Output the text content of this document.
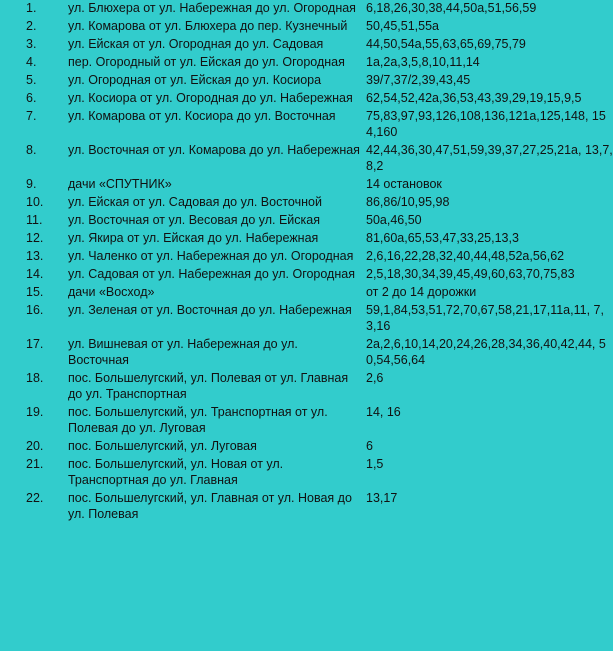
1.	ул. Блюхера от ул. Набережная до ул. Огородная	6,18,26,30,38,44,50а,51,56,59
2.	ул. Комарова от ул. Блюхера до пер. Кузнечный	50,45,51,55а
3.	ул. Ейская от ул. Огородная до ул. Садовая	44,50,54а,55,63,65,69,75,79
4.	пер. Огородный от ул. Ейская до ул. Огородная	1а,2а,3,5,8,10,11,14
5.	ул. Огородная от ул. Ейская до ул. Косиора	39/7,37/2,39,43,45
6.	ул. Косиора от ул. Огородная до ул. Набережная	62,54,52,42а,36,53,43,39,29,19,15,9,5
7.	ул. Комарова от ул. Косиора до ул. Восточная	75,83,97,93,126,108,136,121а,125,148, 154,160
8.	ул. Восточная от ул. Комарова до ул. Набережная	42,44,36,30,47,51,59,39,37,27,25,21а, 13,7,8,2
9.	дачи «СПУТНИК»	14 остановок
10.	ул. Ейская от ул. Садовая до ул. Восточной	86,86/10,95,98
11.	ул. Восточная от ул. Весовая до ул. Ейская	50а,46,50
12.	ул. Якира от ул. Ейская до ул. Набережная	81,60а,65,53,47,33,25,13,3
13.	ул. Чаленко от ул. Набережная до ул. Огородная	2,6,16,22,28,32,40,44,48,52а,56,62
14.	ул. Садовая от ул. Набережная до ул. Огородная	2,5,18,30,34,39,45,49,60,63,70,75,83
15.	дачи «Восход»	от 2 до 14 дорожки
16.	ул. Зеленая от ул. Восточная до ул. Набережная	59,1,84,53,51,72,70,67,58,21,17,11а,11, 7,3,16
17.	ул. Вишневая от ул. Набережная до ул. Восточная	2а,2,6,10,14,20,24,26,28,34,36,40,42,44, 50,54,56,64
18.	пос. Большелугский, ул. Полевая от ул. Главная до ул. Транспортная	2,6
19.	пос. Большелугский, ул. Транспортная от ул. Полевая до ул. Луговая	14, 16
20.	пос. Большелугский, ул. Луговая	6
21.	пос. Большелугский, ул. Новая от ул. Транспортная до ул. Главная	1,5
22.	пос. Большелугский, ул. Главная от ул. Новая до ул. Полевая	13,17
